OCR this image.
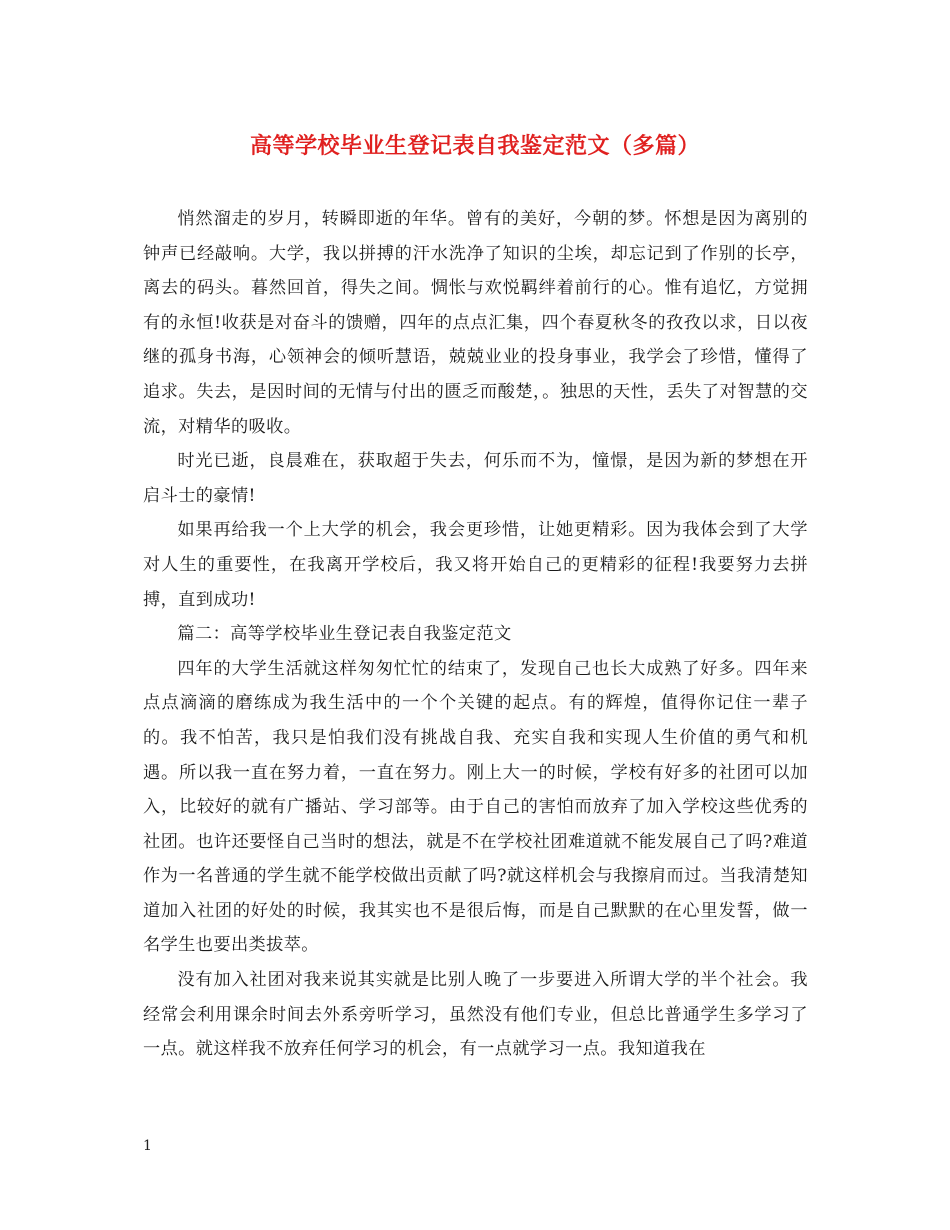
高等学校毕业生登记表自我鉴定范文（多篇）

悄然溜走的岁月，转瞬即逝的年华。曾有的美好，今朝的梦。怀想是因为离别的钟声已经敲响。大学，我以拼搏的汗水洗净了知识的尘埃，却忘记到了作别的长亭，离去的码头。暮然回首，得失之间。惆怅与欢悦羁绊着前行的心。惟有追忆，方觉拥有的永恒!收获是对奋斗的馈赠，四年的点点汇集，四个春夏秋冬的孜孜以求，日以夜继的孤身书海，心领神会的倾听慧语，兢兢业业的投身事业，我学会了珍惜，懂得了追求。失去，是因时间的无情与付出的匮乏而酸楚，。独思的天性，丢失了对智慧的交流，对精华的吸收。

时光已逝，良晨难在，获取超于失去，何乐而不为，憧憬，是因为新的梦想在开启斗士的豪情!

如果再给我一个上大学的机会，我会更珍惜，让她更精彩。因为我体会到了大学对人生的重要性，在我离开学校后，我又将开始自己的更精彩的征程!我要努力去拼搏，直到成功!

篇二：高等学校毕业生登记表自我鉴定范文

四年的大学生活就这样匆匆忙忙的结束了，发现自己也长大成熟了好多。四年来点点滴滴的磨练成为我生活中的一个个关键的起点。有的辉煌，值得你记住一辈子的。我不怕苦，我只是怕我们没有挑战自我、充实自我和实现人生价值的勇气和机遇。所以我一直在努力着，一直在努力。刚上大一的时候，学校有好多的社团可以加入，比较好的就有广播站、学习部等。由于自己的害怕而放弃了加入学校这些优秀的社团。也许还要怪自己当时的想法，就是不在学校社团难道就不能发展自己了吗?难道作为一名普通的学生就不能学校做出贡献了吗?就这样机会与我擦肩而过。当我清楚知道加入社团的好处的时候，我其实也不是很后悔，而是自己默默的在心里发誓，做一名学生也要出类拔萃。

没有加入社团对我来说其实就是比别人晚了一步要进入所谓大学的半个社会。我经常会利用课余时间去外系旁听学习，虽然没有他们专业，但总比普通学生多学习了一点。就这样我不放弃任何学习的机会，有一点就学习一点。我知道我在

1
